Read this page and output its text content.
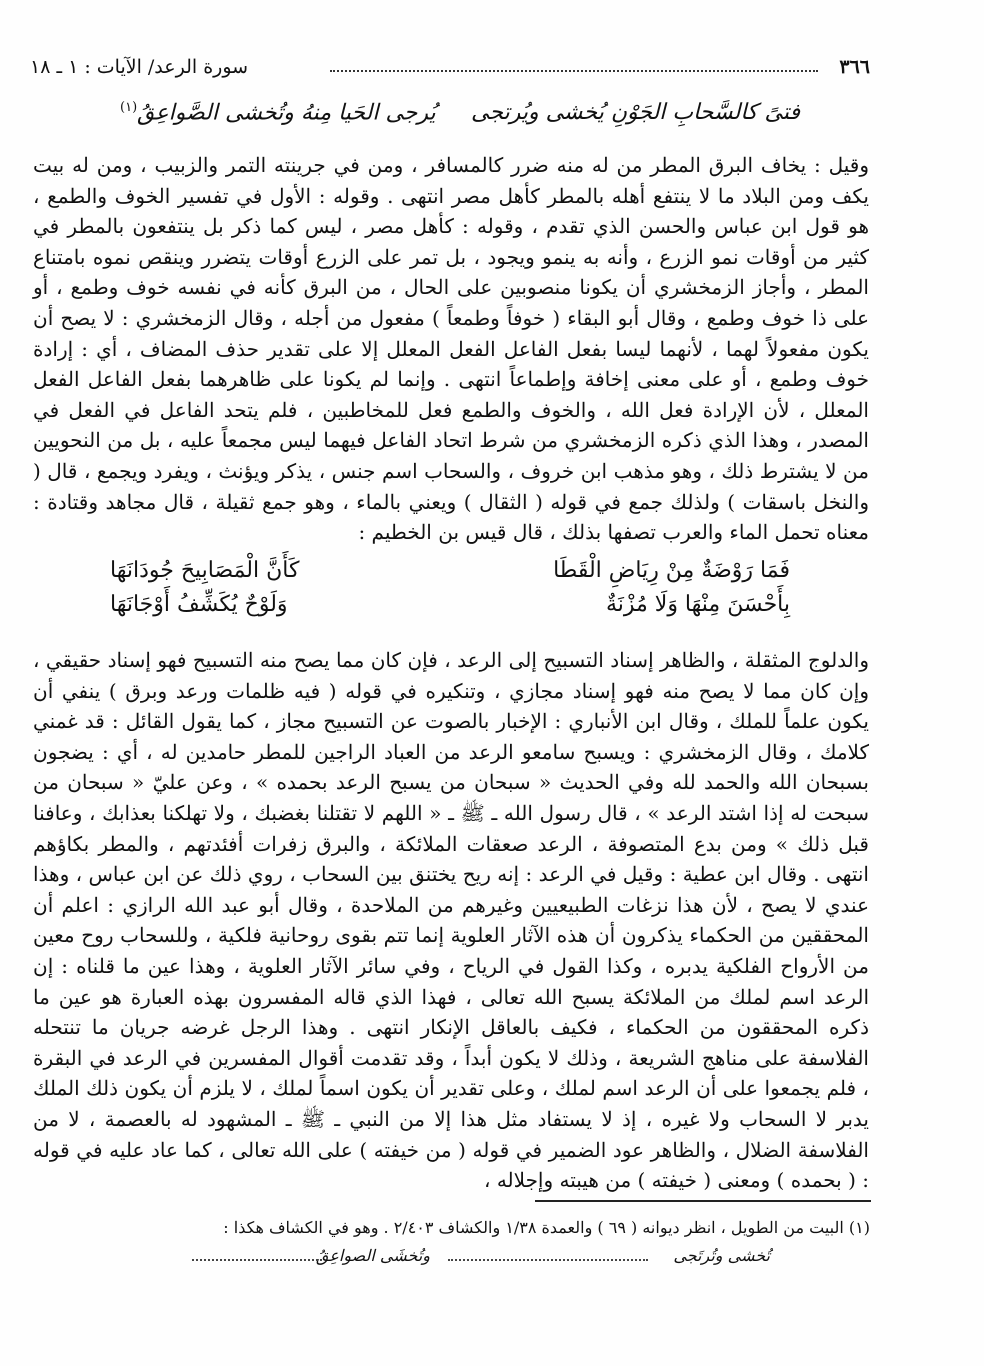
٣٦٦
سورة الرعد/ الآيات : ١ ـ ١٨
فتىً كالسَّحابِ الجَوْنِ يُخشى ويُرتجى
يُرجى الحَيا مِنهُ وتُخشى الصَّواعِقُ$^{(١)}$
وقيل : يخاف البرق المطر من له منه ضرر كالمسافر ، ومن في جرينته التمر والزبيب ، ومن له بيت يكف ومن البلاد ما لا ينتفع أهله بالمطر كأهل مصر انتهى . وقوله : الأول في تفسير الخوف والطمع ، هو قول ابن عباس والحسن الذي تقدم ، وقوله : كأهل مصر ، ليس كما ذكر بل ينتفعون بالمطر في كثير من أوقات نمو الزرع ، وأنه به ينمو ويجود ، بل تمر على الزرع أوقات يتضرر وينقص نموه بامتناع المطر ، وأجاز الزمخشري أن يكونا منصوبين على الحال ، من البرق كأنه في نفسه خوف وطمع ، أو على ذا خوف وطمع ، وقال أبو البقاء ( خوفاً وطمعاً ) مفعول من أجله ، وقال الزمخشري : لا يصح أن يكون مفعولاً لهما ، لأنهما ليسا بفعل الفاعل الفعل المعلل إلا على تقدير حذف المضاف ، أي : إرادة خوف وطمع ، أو على معنى إخافة وإطماعاً انتهى . وإنما لم يكونا على ظاهرهما بفعل الفاعل الفعل المعلل ، لأن الإرادة فعل الله ، والخوف والطمع فعل للمخاطبين ، فلم يتحد الفاعل في الفعل في المصدر ، وهذا الذي ذكره الزمخشري من شرط اتحاد الفاعل فيهما ليس مجمعاً عليه ، بل من النحويين من لا يشترط ذلك ، وهو مذهب ابن خروف ، والسحاب اسم جنس ، يذكر ويؤنث ، ويفرد ويجمع ، قال ( والنخل باسقات ) ولذلك جمع في قوله ( الثقال ) ويعني بالماء ، وهو جمع ثقيلة ، قال مجاهد وقتادة : معناه تحمل الماء والعرب تصفها بذلك ، قال قيس بن الخطيم :
فَمَا رَوْضَةٌ مِنْ رِيَاضِ الْقَطَا
كَأَنَّ الْمَصَابِيحَ جُودَانَهَا
بِأَحْسَنَ مِنْهَا وَلَا مُزْنَةٌ
وَلَوْحٌ يُكَشِّفُ أَوْجَانَهَا
والدلوج المثقلة ، والظاهر إسناد التسبيح إلى الرعد ، فإن كان مما يصح منه التسبيح فهو إسناد حقيقي ، وإن كان مما لا يصح منه فهو إسناد مجازي ، وتنكيره في قوله ( فيه ظلمات ورعد وبرق ) ينفي أن يكون علماً للملك ، وقال ابن الأنباري : الإخبار بالصوت عن التسبيح مجاز ، كما يقول القائل : قد غمني كلامك ، وقال الزمخشري : ويسبح سامعو الرعد من العباد الراجين للمطر حامدين له ، أي : يضجون بسبحان الله والحمد لله وفي الحديث « سبحان من يسبح الرعد بحمده » ، وعن عليّ « سبحان من سبحت له إذا اشتد الرعد » ، قال رسول الله ـ ﷺ ـ « اللهم لا تقتلنا بغضبك ، ولا تهلكنا بعذابك ، وعافنا قبل ذلك » ومن بدع المتصوفة ، الرعد صعقات الملائكة ، والبرق زفرات أفئدتهم ، والمطر بكاؤهم انتهى . وقال ابن عطية : وقيل في الرعد : إنه ريح يختنق بين السحاب ، روي ذلك عن ابن عباس ، وهذا عندي لا يصح ، لأن هذا نزغات الطبيعيين وغيرهم من الملاحدة ، وقال أبو عبد الله الرازي : اعلم أن المحققين من الحكماء يذكرون أن هذه الآثار العلوية إنما تتم بقوى روحانية فلكية ، وللسحاب روح معين من الأرواح الفلكية يدبره ، وكذا القول في الرياح ، وفي سائر الآثار العلوية ، وهذا عين ما قلناه : إن الرعد اسم لملك من الملائكة يسبح الله تعالى ، فهذا الذي قاله المفسرون بهذه العبارة هو عين ما ذكره المحققون من الحكماء ، فكيف بالعاقل الإنكار انتهى . وهذا الرجل غرضه جريان ما تنتحله الفلاسفة على مناهج الشريعة ، وذلك لا يكون أبداً ، وقد تقدمت أقوال المفسرين في الرعد في البقرة ، فلم يجمعوا على أن الرعد اسم لملك ، وعلى تقدير أن يكون اسماً لملك ، لا يلزم أن يكون ذلك الملك يدبر لا السحاب ولا غيره ، إذ لا يستفاد مثل هذا إلا من النبي ـ ﷺ ـ المشهود له بالعصمة ، لا من الفلاسفة الضلال ، والظاهر عود الضمير في قوله ( من خيفته ) على الله تعالى ، كما عاد عليه في قوله : ( بحمده ) ومعنى ( خيفته ) من هيبته وإجلاله ،
(١) البيت من الطويل ، انظر ديوانه ( ٦٩ ) والعمدة ١/٣٨ والكشاف ٢/٤٠٣ . وهو في الكشاف هكذا :
تُخشى وتُرتَجى
وتُخشَى الصواعِقُ
